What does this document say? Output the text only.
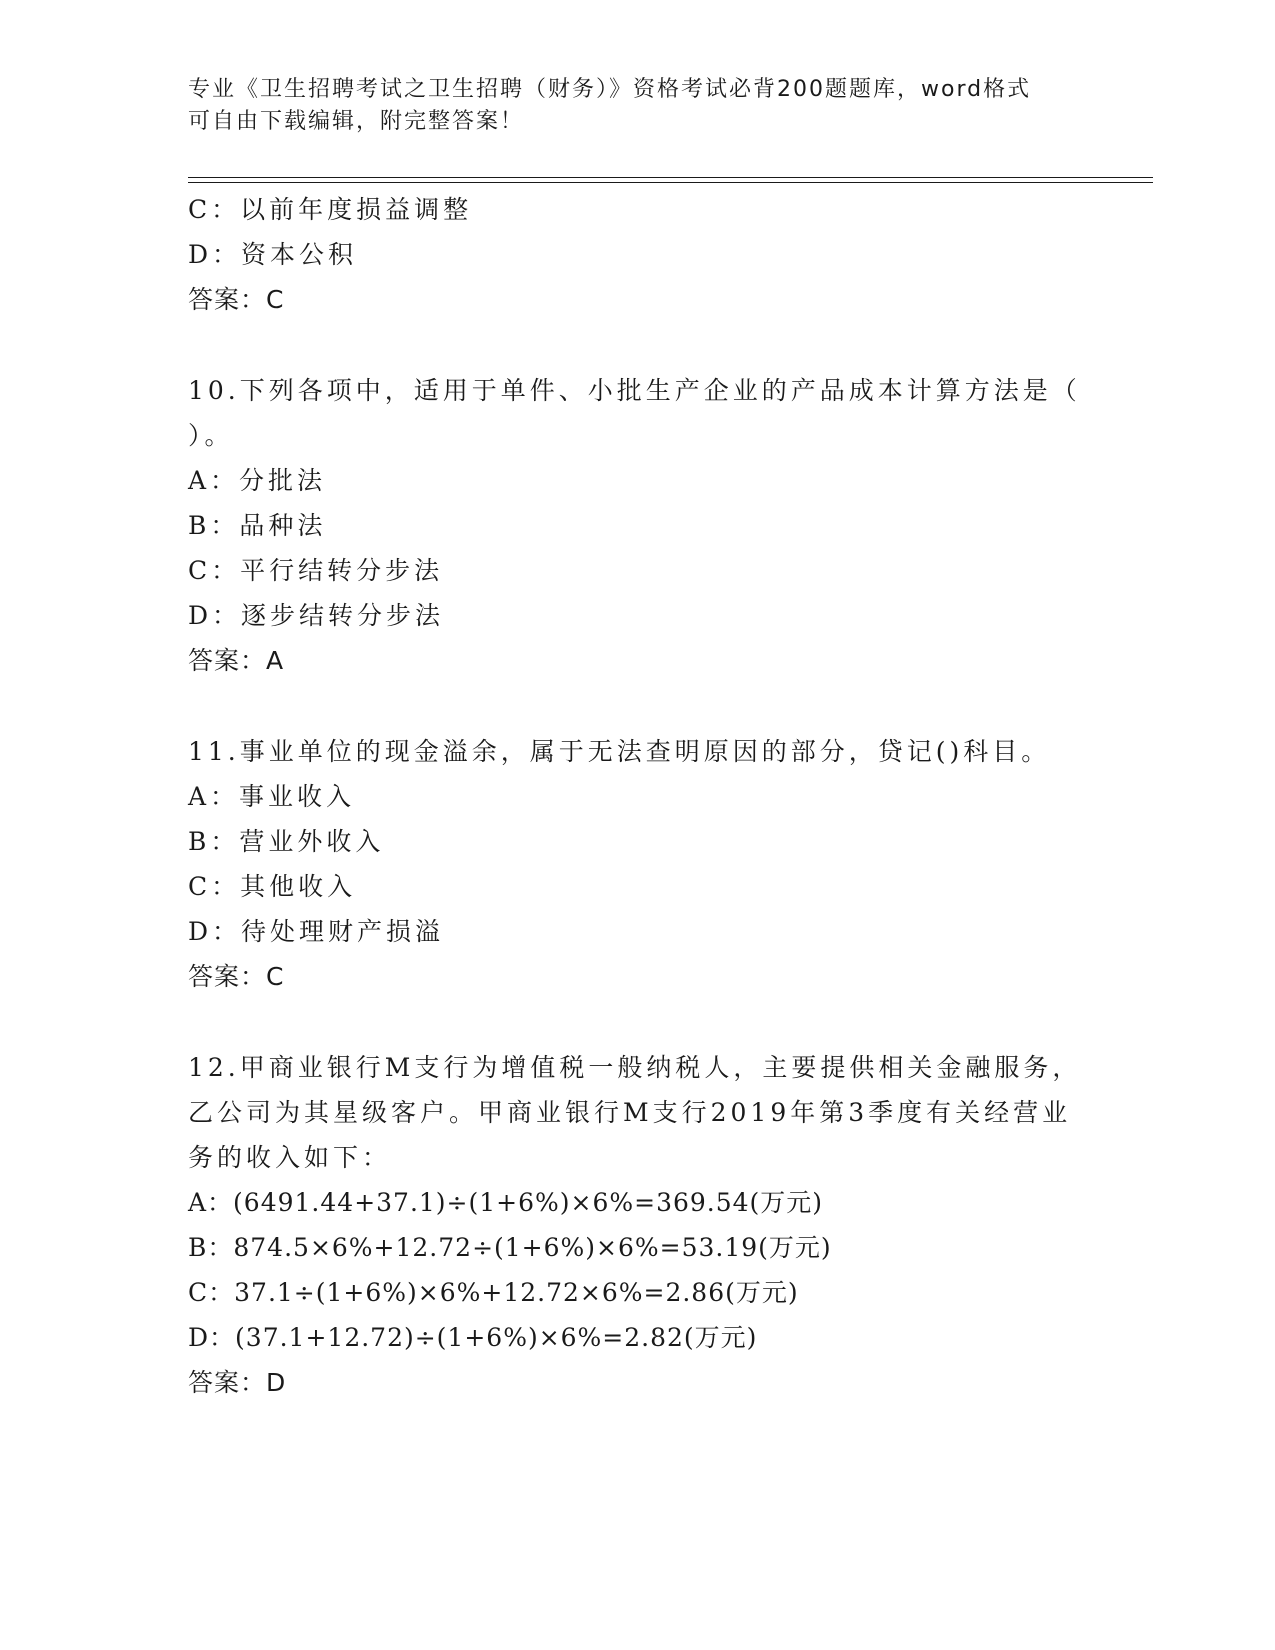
专业《卫生招聘考试之卫生招聘（财务）》资格考试必背200题题库，word格式
可自由下载编辑，附完整答案！
C：以前年度损益调整
D：资本公积
答案：C
10.下列各项中，适用于单件、小批生产企业的产品成本计算方法是（
）。
A：分批法
B：品种法
C：平行结转分步法
D：逐步结转分步法
答案：A
11.事业单位的现金溢余，属于无法查明原因的部分，贷记()科目。
A：事业收入
B：营业外收入
C：其他收入
D：待处理财产损溢
答案：C
12.甲商业银行M支行为增值税一般纳税人，主要提供相关金融服务，
乙公司为其星级客户。甲商业银行M支行2019年第3季度有关经营业
务的收入如下：
A：(6491.44+37.1)÷(1+6%)×6%=369.54(万元)
B：874.5×6%+12.72÷(1+6%)×6%=53.19(万元)
C：37.1÷(1+6%)×6%+12.72×6%=2.86(万元)
D：(37.1+12.72)÷(1+6%)×6%=2.82(万元)
答案：D
